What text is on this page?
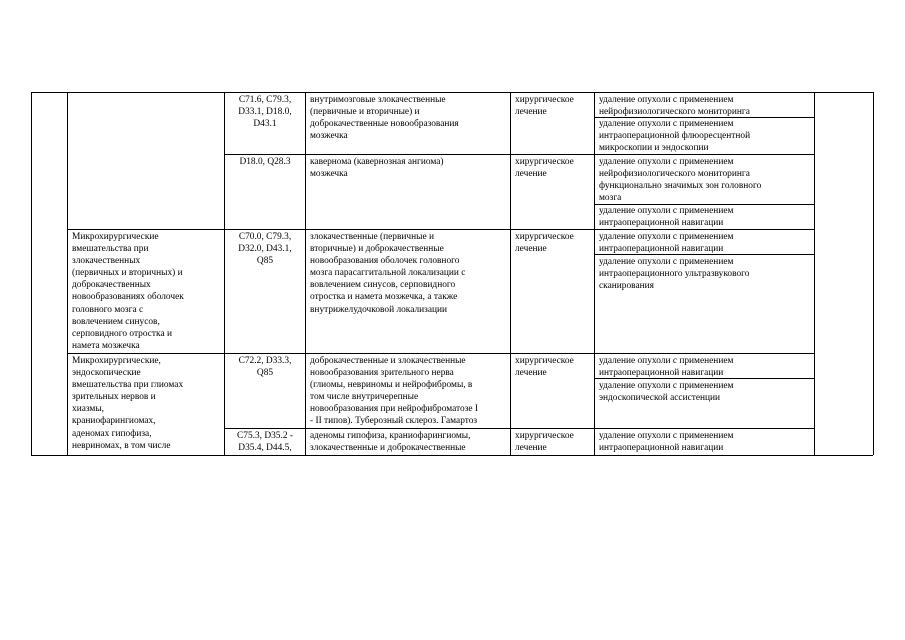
C71.6, C79.3,
D33.1, D18.0,
D43.1
внутримозговые злокачественные
(первичные и вторичные) и
доброкачественные новообразования
мозжечка
хирургическое
лечение
удаление опухоли с применением
нейрофизиологического мониторинга
удаление опухоли с применением
интраоперационной флюоресцентной
микроскопии и эндоскопии
D18.0, Q28.3	кавернома (кавернозная ангиома)
мозжечка
хирургическое
лечение
удаление опухоли с применением
нейрофизиологического мониторинга
функционально значимых зон головного
мозга
удаление опухоли с применением
интраоперационной навигации
Микрохирургические
вмешательства при
злокачественных
(первичных и вторичных) и
доброкачественных
новообразованиях оболочек
головного мозга с
вовлечением синусов,
серповидного отростка и
намета мозжечка
C70.0, C79.3,
D32.0, D43.1,
Q85
злокачественные (первичные и
вторичные) и доброкачественные
новообразования оболочек головного
мозга парасаггитальной локализации с
вовлечением синусов, серповидного
отростка и намета мозжечка, а также
внутрижелудочковой локализации
хирургическое
лечение
удаление опухоли с применением
интраоперационной навигации
удаление опухоли с применением
интраоперационного ультразвукового
сканирования
Микрохирургические,
эндоскопические
вмешательства при глиомах
зрительных нервов и
хиазмы,
краниофарингиомах,
аденомах гипофиза,
невриномах, в том числе
C72.2, D33.3,
Q85
доброкачественные и злокачественные
новообразования зрительного нерва
(глиомы, невриномы и нейрофибромы, в
том числе внутричерепные
новообразования при нейрофиброматозе I
- II типов). Туберозный склероз. Гамартоз
хирургическое
лечение
удаление опухоли с применением
интраоперационной навигации
удаление опухоли с применением
эндоскопической ассистенции
C75.3, D35.2 -
D35.4, D44.5,
аденомы гипофиза, краниофарингиомы,
злокачественные и доброкачественные
хирургическое
лечение
удаление опухоли с применением
интраоперационной навигации
